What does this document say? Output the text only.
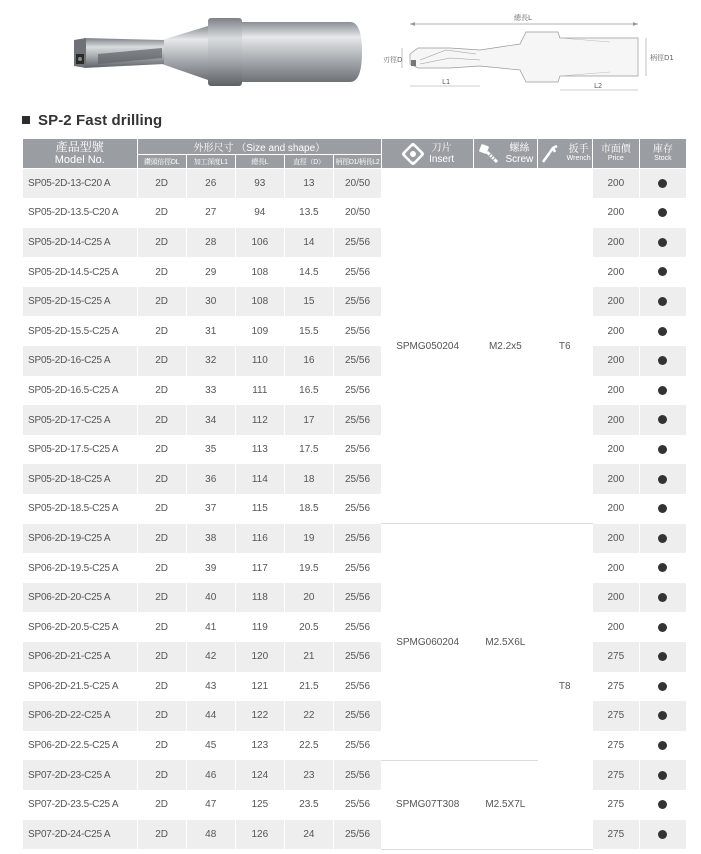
總長L
刃徑D	柄徑D1
L1	L2
SP-2 Fast drilling
產品型號
Model No.	外形尺寸 （Size and shape）					刀片
Insert	螺絲
Screw	扳手
Wrench	市面價
Price	庫存
Stock

	鑽頭倍徑DL	加工深度L1	總長L	直徑（D）	柄徑D1/柄長L2					
SP05-2D-13-C20 A	2D	26	93	13	20/50	SPMG050204	M2.2x5	T6	200	
SP05-2D-13.5-C20 A	2D	27	94	13.5	20/50				200	
SP05-2D-14-C25 A	2D	28	106	14	25/56				200	
SP05-2D-14.5-C25 A	2D	29	108	14.5	25/56				200	
SP05-2D-15-C25 A	2D	30	108	15	25/56				200	
SP05-2D-15.5-C25 A	2D	31	109	15.5	25/56				200	
SP05-2D-16-C25 A	2D	32	110	16	25/56				200	
SP05-2D-16.5-C25 A	2D	33	111	16.5	25/56				200	
SP05-2D-17-C25 A	2D	34	112	17	25/56				200	
SP05-2D-17.5-C25 A	2D	35	113	17.5	25/56				200	
SP05-2D-18-C25 A	2D	36	114	18	25/56				200	
SP05-2D-18.5-C25 A	2D	37	115	18.5	25/56				200	
SP06-2D-19-C25 A	2D	38	116	19	25/56	SPMG060204	M2.5X6L	T8	200	
SP06-2D-19.5-C25 A	2D	39	117	19.5	25/56				200	
SP06-2D-20-C25 A	2D	40	118	20	25/56				200	
SP06-2D-20.5-C25 A	2D	41	119	20.5	25/56				200	
SP06-2D-21-C25 A	2D	42	120	21	25/56				275	
SP06-2D-21.5-C25 A	2D	43	121	21.5	25/56				275	
SP06-2D-22-C25 A	2D	44	122	22	25/56				275	
SP06-2D-22.5-C25 A	2D	45	123	22.5	25/56				275	
SP07-2D-23-C25 A	2D	46	124	23	25/56	SPMG07T308	M2.5X7L		275	
SP07-2D-23.5-C25 A	2D	47	125	23.5	25/56				275	
SP07-2D-24-C25 A	2D	48	126	24	25/56				275	
